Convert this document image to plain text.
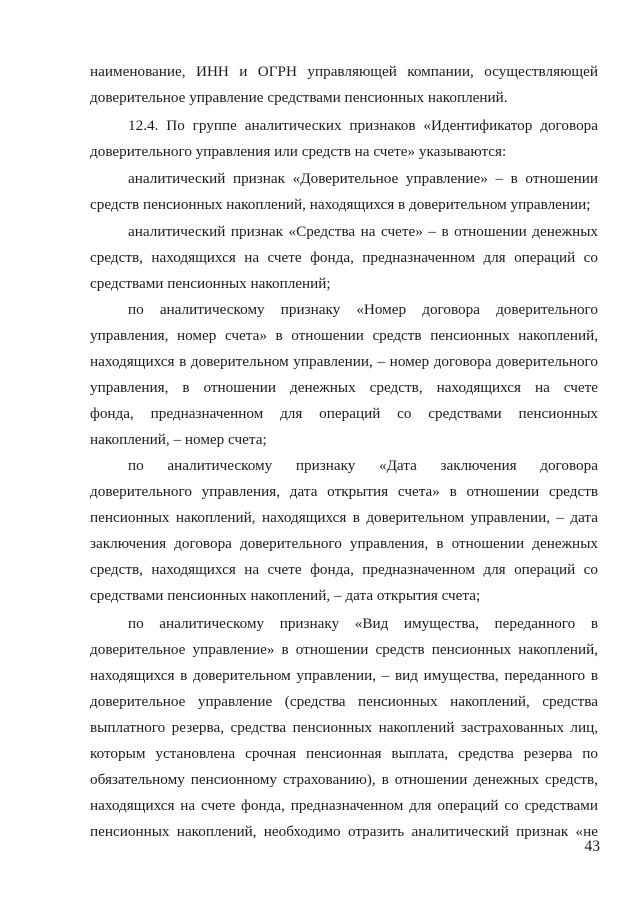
наименование, ИНН и ОГРН управляющей компании, осуществляющей
доверительное управление средствами пенсионных накоплений.
12.4. По группе аналитических признаков «Идентификатор договора
доверительного управления или средств на счете» указываются:
аналитический признак «Доверительное управление» – в отношении
средств пенсионных накоплений, находящихся в доверительном управлении;
аналитический признак «Средства на счете» – в отношении денежных
средств, находящихся на счете фонда, предназначенном для операций со
средствами пенсионных накоплений;
по аналитическому признаку «Номер договора доверительного
управления, номер счета» в отношении средств пенсионных накоплений,
находящихся в доверительном управлении, – номер договора доверительного
управления, в отношении денежных средств, находящихся на счете
фонда, предназначенном для операций со средствами пенсионных
накоплений, – номер счета;
по аналитическому признаку «Дата заключения договора
доверительного управления, дата открытия счета» в отношении средств
пенсионных накоплений, находящихся в доверительном управлении, – дата
заключения договора доверительного управления, в отношении денежных
средств, находящихся на счете фонда, предназначенном для операций со
средствами пенсионных накоплений, – дата открытия счета;
по аналитическому признаку «Вид имущества, переданного в
доверительное управление» в отношении средств пенсионных накоплений,
находящихся в доверительном управлении, – вид имущества, переданного в
доверительное управление (средства пенсионных накоплений, средства
выплатного резерва, средства пенсионных накоплений застрахованных лиц,
которым установлена срочная пенсионная выплата, средства резерва по
обязательному пенсионному страхованию), в отношении денежных средств,
находящихся на счете фонда, предназначенном для операций со средствами
пенсионных накоплений, необходимо отразить аналитический признак «не
43
